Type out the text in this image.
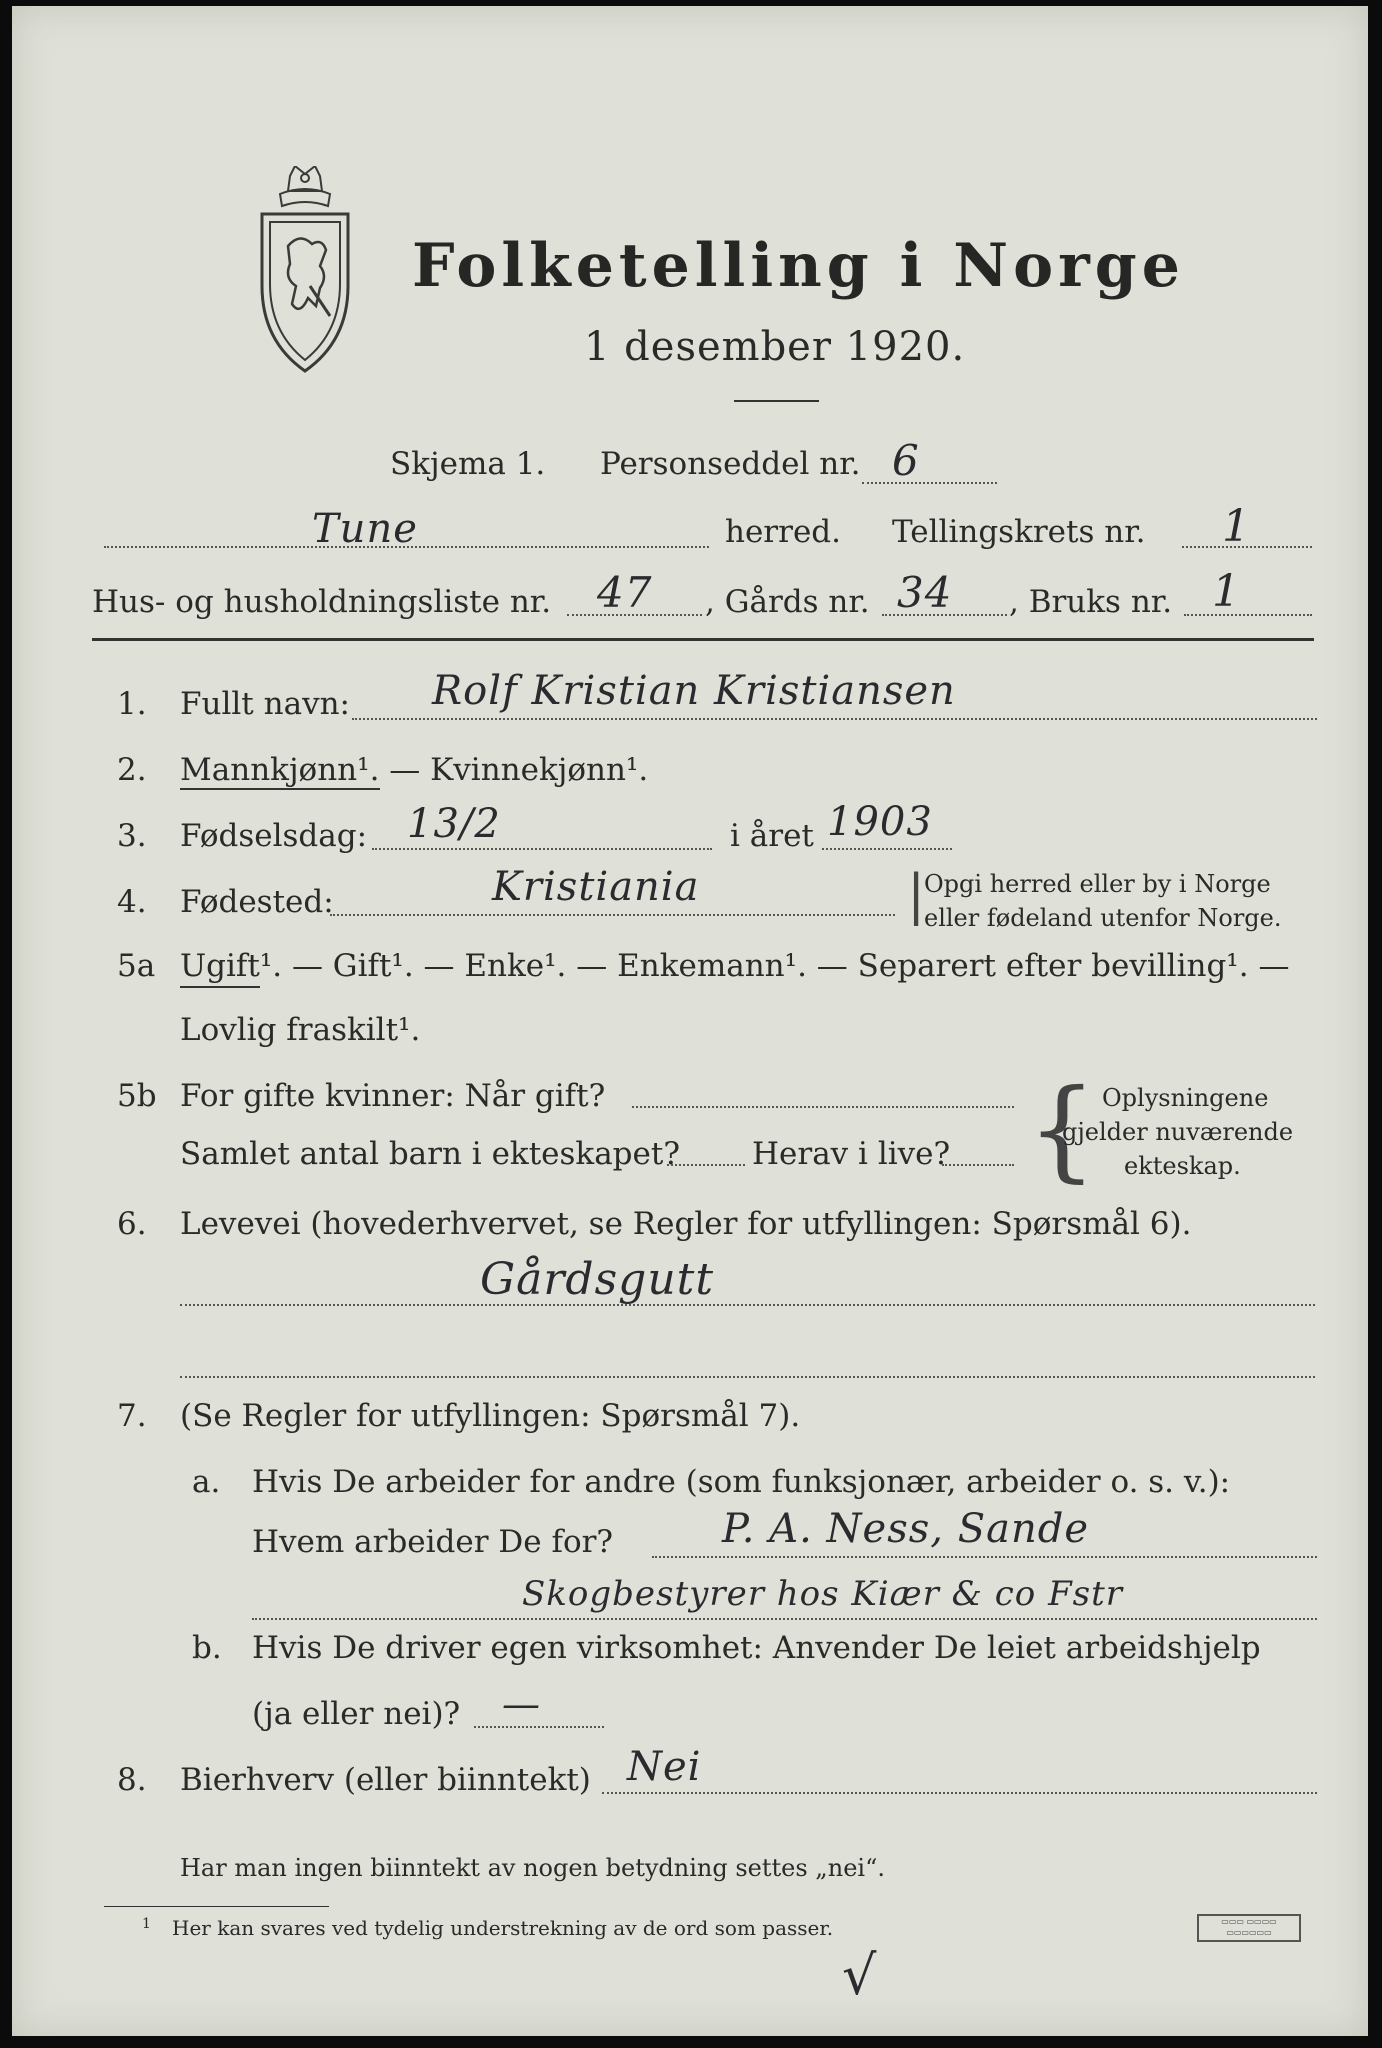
Folketelling i Norge
1 desember 1920.
Skjema 1. Personseddel nr. 6
Tune	herred. Tellingskrets nr. 1
Hus- og husholdningsliste nr. 47 , Gårds nr. 34 , Bruks nr. 1
1. Fullt navn: Rolf Kristian Kristiansen
2. Mannkjønn¹. — Kvinnekjønn¹.
3. Fødselsdag: 13/2	i året 1903
4. Fødested:	Kristiania	|
Opgi herred eller by i Norge
eller fødeland utenfor Norge.
5a Ugift¹. — Gift¹. — Enke¹. — Enkemann¹. — Separert efter bevilling¹. —
Lovlig fraskilt¹.
5b For gifte kvinner: Når gift?
Samlet antal barn i ekteskapet? Herav i live? { Oplysningene
gjelder nuværende
ekteskap.
6. Levevei (hovederhvervet, se Regler for utfyllingen: Spørsmål 6).
Gårdsgutt
7. (Se Regler for utfyllingen: Spørsmål 7).
a. Hvis De arbeider for andre (som funksjonær, arbeider o. s. v.):
Hvem arbeider De for?	P. A. Ness, Sande
Skogbestyrer hos Kiær & co Fstr
b. Hvis De driver egen virksomhet: Anvender De leiet arbeidshjelp
(ja eller nei)? —
8. Bierhverv (eller biinntekt) Nei
Har man ingen biinntekt av nogen betydning settes „nei“.
1 Her kan svares ved tydelig understrekning av de ord som passer.	▭▭▭ ▭▭▭▭
▭▭▭▭▭▭
√
